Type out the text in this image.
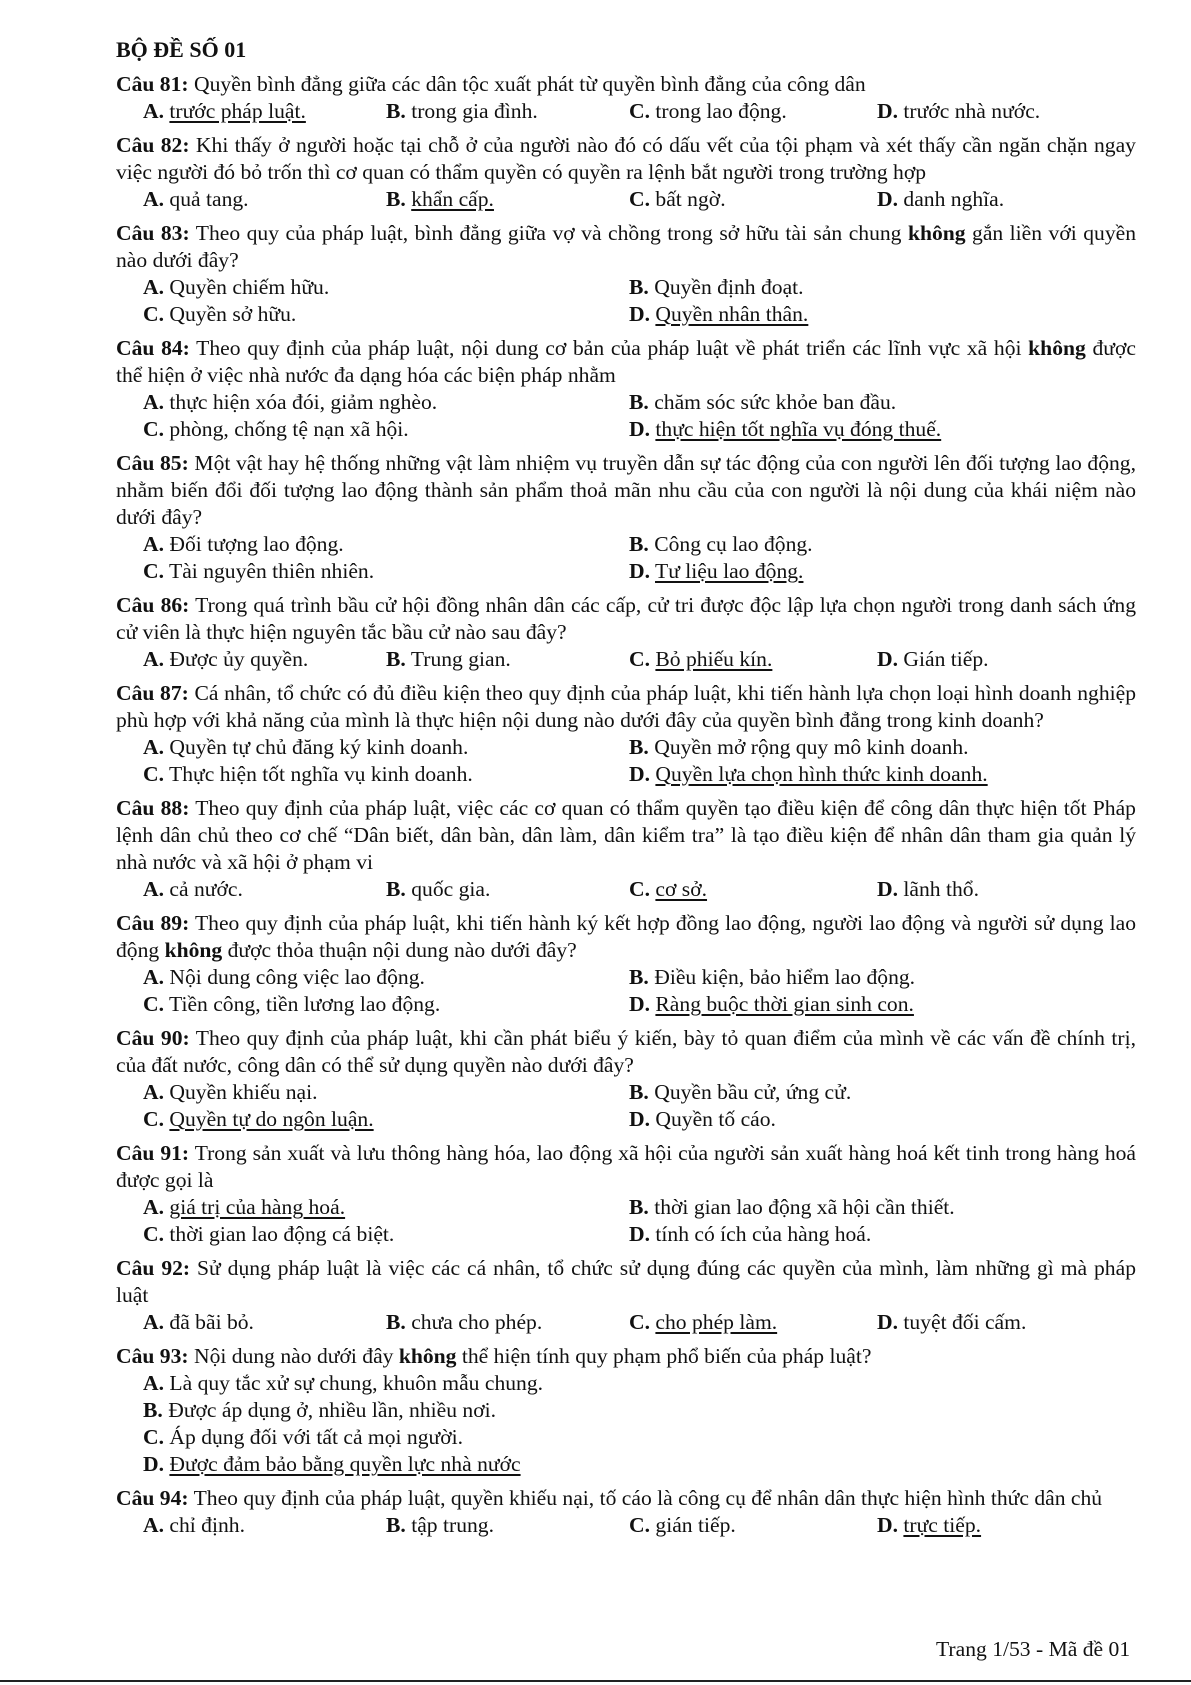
BỘ ĐỀ SỐ 01
Câu 81: Quyền bình đẳng giữa các dân tộc xuất phát từ quyền bình đẳng của công dân
A. trước pháp luật.	B. trong gia đình.	C. trong lao động.	D. trước nhà nước.
Câu 82: Khi thấy ở người hoặc tại chỗ ở của người nào đó có dấu vết của tội phạm và xét thấy cần ngăn chặn ngay việc người đó bỏ trốn thì cơ quan có thẩm quyền có quyền ra lệnh bắt người trong trường hợp
A. quả tang.	B. khẩn cấp.	C. bất ngờ.	D. danh nghĩa.
Câu 83: Theo quy của pháp luật, bình đẳng giữa vợ và chồng trong sở hữu tài sản chung không gắn liền với quyền nào dưới đây?
A. Quyền chiếm hữu.	B. Quyền định đoạt.
C. Quyền sở hữu.	D. Quyền nhân thân.
Câu 84: Theo quy định của pháp luật, nội dung cơ bản của pháp luật về phát triển các lĩnh vực xã hội không được thể hiện ở việc nhà nước đa dạng hóa các biện pháp nhằm
A. thực hiện xóa đói, giảm nghèo.	B. chăm sóc sức khỏe ban đầu.
C. phòng, chống tệ nạn xã hội.	D. thực hiện tốt nghĩa vụ đóng thuế.
Câu 85: Một vật hay hệ thống những vật làm nhiệm vụ truyền dẫn sự tác động của con người lên đối tượng lao động, nhằm biến đổi đối tượng lao động thành sản phẩm thoả mãn nhu cầu của con người là nội dung của khái niệm nào dưới đây?
A. Đối tượng lao động.	B. Công cụ lao động.
C. Tài nguyên thiên nhiên.	D. Tư liệu lao động.
Câu 86: Trong quá trình bầu cử hội đồng nhân dân các cấp, cử tri được độc lập lựa chọn người trong danh sách ứng cử viên là thực hiện nguyên tắc bầu cử nào sau đây?
A. Được ủy quyền.	B. Trung gian.	C. Bỏ phiếu kín.	D. Gián tiếp.
Câu 87: Cá nhân, tổ chức có đủ điều kiện theo quy định của pháp luật, khi tiến hành lựa chọn loại hình doanh nghiệp phù hợp với khả năng của mình là thực hiện nội dung nào dưới đây của quyền bình đẳng trong kinh doanh?
A. Quyền tự chủ đăng ký kinh doanh.	B. Quyền mở rộng quy mô kinh doanh.
C. Thực hiện tốt nghĩa vụ kinh doanh.	D. Quyền lựa chọn hình thức kinh doanh.
Câu 88: Theo quy định của pháp luật, việc các cơ quan có thẩm quyền tạo điều kiện để công dân thực hiện tốt Pháp lệnh dân chủ theo cơ chế “Dân biết, dân bàn, dân làm, dân kiểm tra” là tạo điều kiện để nhân dân tham gia quản lý nhà nước và xã hội ở phạm vi
A. cả nước.	B. quốc gia.	C. cơ sở.	D. lãnh thổ.
Câu 89: Theo quy định của pháp luật, khi tiến hành ký kết hợp đồng lao động, người lao động và người sử dụng lao động không được thỏa thuận nội dung nào dưới đây?
A. Nội dung công việc lao động.	B. Điều kiện, bảo hiểm lao động.
C. Tiền công, tiền lương lao động.	D. Ràng buộc thời gian sinh con.
Câu 90: Theo quy định của pháp luật, khi cần phát biểu ý kiến, bày tỏ quan điểm của mình về các vấn đề chính trị, của đất nước, công dân có thể sử dụng quyền nào dưới đây?
A. Quyền khiếu nại.	B. Quyền bầu cử, ứng cử.
C. Quyền tự do ngôn luận.	D. Quyền tố cáo.
Câu 91: Trong sản xuất và lưu thông hàng hóa, lao động xã hội của người sản xuất hàng hoá kết tinh trong hàng hoá được gọi là
A. giá trị của hàng hoá.	B. thời gian lao động xã hội cần thiết.
C. thời gian lao động cá biệt.	D. tính có ích của hàng hoá.
Câu 92: Sử dụng pháp luật là việc các cá nhân, tổ chức sử dụng đúng các quyền của mình, làm những gì mà pháp luật
A. đã bãi bỏ.	B. chưa cho phép.	C. cho phép làm.	D. tuyệt đối cấm.
Câu 93: Nội dung nào dưới đây không thể hiện tính quy phạm phổ biến của pháp luật?
A. Là quy tắc xử sự chung, khuôn mẫu chung.
B. Được áp dụng ở, nhiều lần, nhiều nơi.
C. Áp dụng đối với tất cả mọi người.
D. Được đảm bảo bằng quyền lực nhà nước
Câu 94: Theo quy định của pháp luật, quyền khiếu nại, tố cáo là công cụ để nhân dân thực hiện hình thức dân chủ
A. chỉ định.	B. tập trung.	C. gián tiếp.	D. trực tiếp.
Trang 1/53 - Mã đề 01
